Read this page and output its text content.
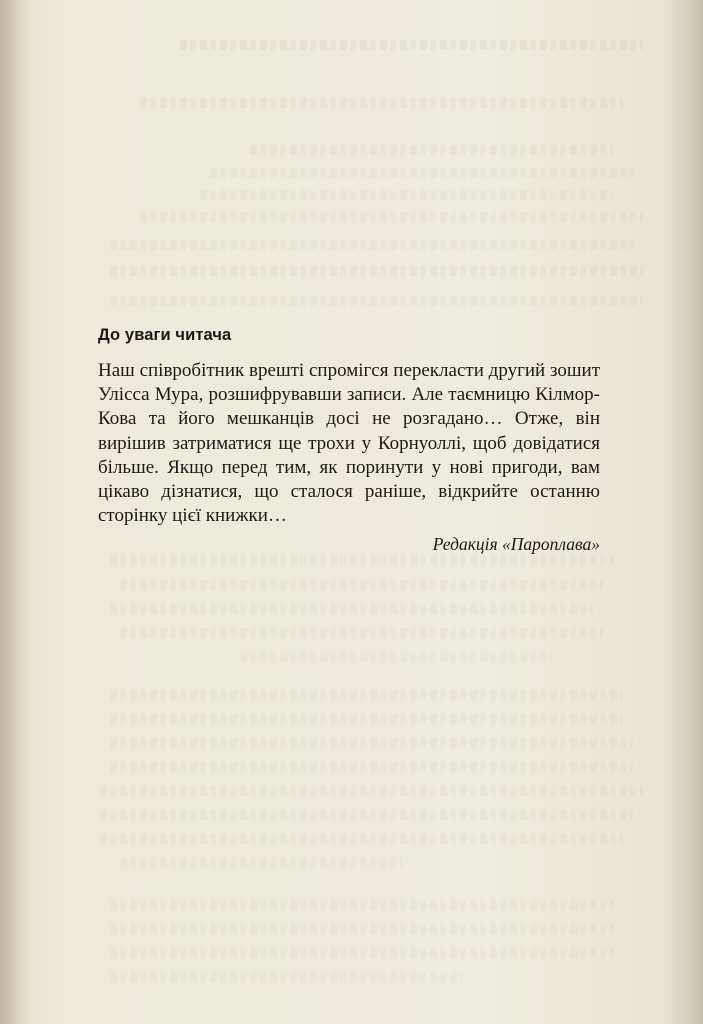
До уваги читача

Наш співробітник врешті спромігся перекласти другий зошит Улісса Мура, розшифрувавши записи. Але таємницю Кілмор-Кова та його мешканців досі не розгадано… Отже, він вирішив затриматися ще трохи у Корнуоллі, щоб довідатися більше. Якщо перед тим, як поринути у нові пригоди, вам цікаво дізнатися, що сталося раніше, відкрийте останню сторінку цієї книжки…

Редакція «Пароплава»
